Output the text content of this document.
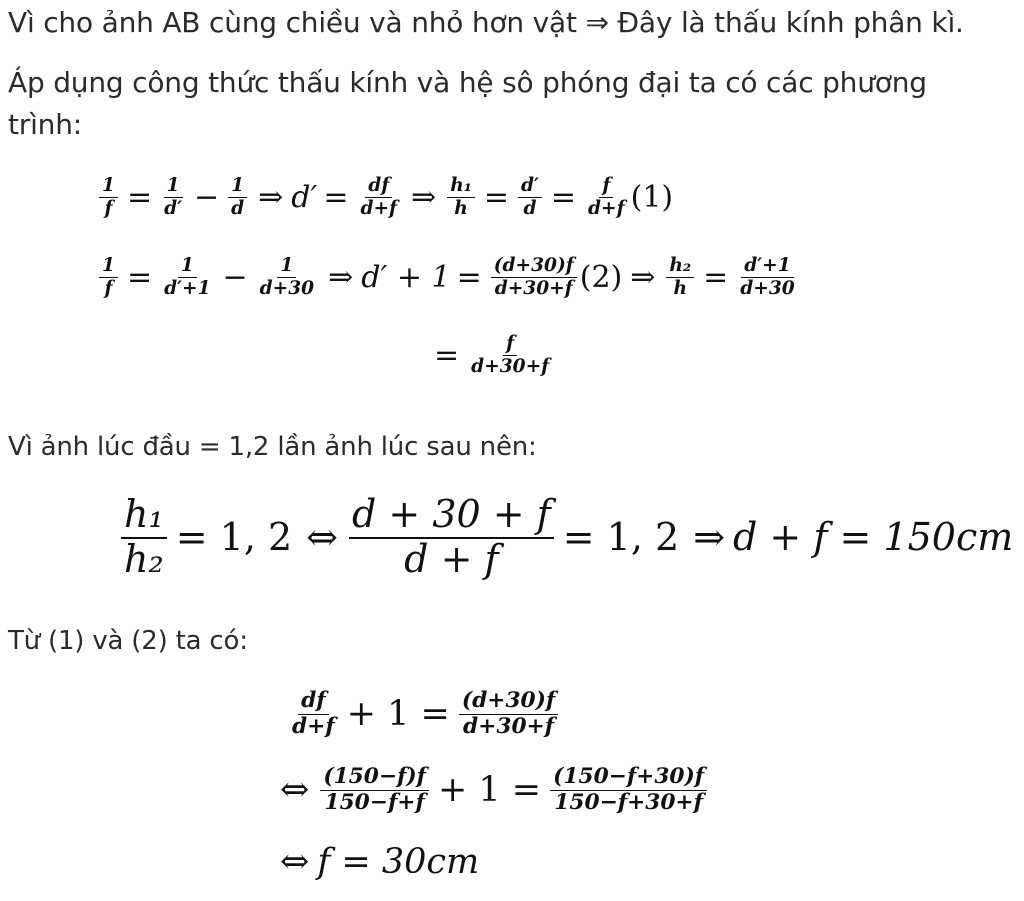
Vì cho ảnh AB cùng chiều và nhỏ hơn vật ⇒ Đây là thấu kính phân kì.
Áp dụng công thức thấu kính và hệ sô phóng đại ta có các phương
trình:
$\frac{1}{f} = \frac{1}{d'} - \frac{1}{d}$ ⇒ $d' = \frac{df}{d+f}$ ⇒ $\frac{\text{h₁}}{h} = \frac{d'}{d} = \frac{f}{d+f} (1)$
$\frac{1}{f} = \frac{1}{d'+1} - \frac{1}{d+30}$ ⇒ $d' + 1 = \frac{(d+30)f}{d+30+f} (2)$ ⇒ $\frac{\text{h₂}}{h} = \frac{d'+1}{d+30}$
= $\frac{f}{d+30+f}$
Vì ảnh lúc đầu = 1,2 lần ảnh lúc sau nên:
$\frac{\text{h₁}}{\text{h₂}} = 1$, 2 ⇔ $\frac{d + 30 + f}{d + f} = 1$, 2 ⇒ d + f = 150cm
Từ (1) và (2) ta có:
$\frac{df}{d+f} + 1 = \frac{(d+30)f}{d+30+f}$
⇔ $\frac{(150-f)f}{150-f+f} + 1 = \frac{(150-f+30)f}{150-f+30+f}$
⇔ f = 30cm
